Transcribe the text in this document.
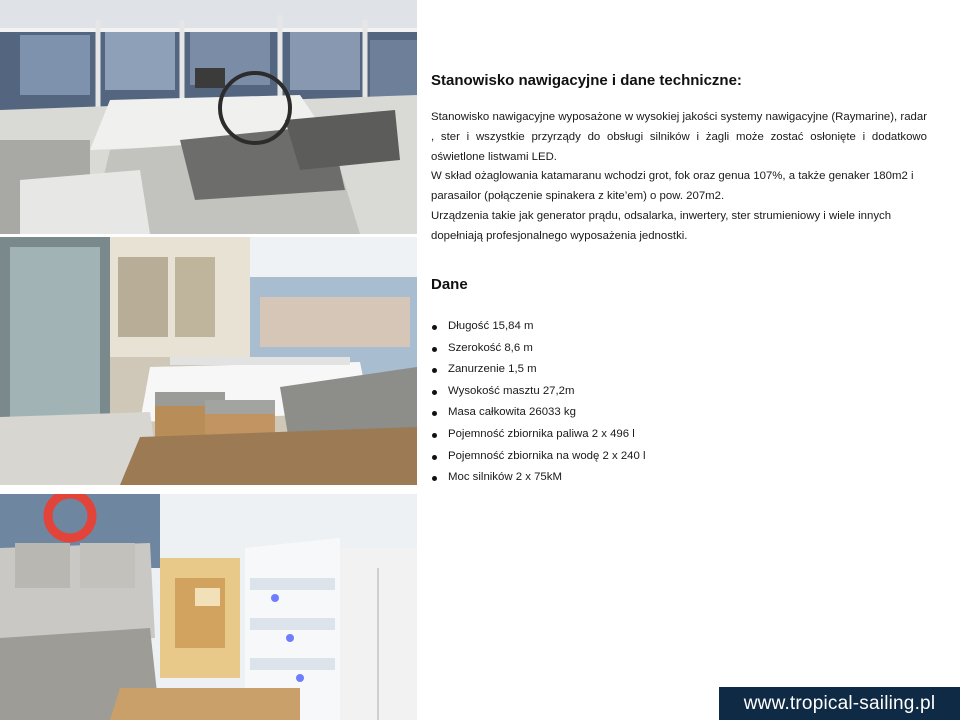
Stanowisko nawigacyjne i dane techniczne:

Stanowisko nawigacyjne wyposażone w wysokiej jakości systemy nawigacyjne (Raymarine), radar , ster i wszystkie przyrządy do obsługi silników i żagli może zostać osłonięte i dodatkowo oświetlone listwami LED.

W skład ożaglowania katamaranu wchodzi grot, fok oraz genua 107%, a także genaker 180m2 i parasailor (połączenie spinakera z kite’em) o pow. 207m2.

Urządzenia takie jak generator prądu, odsalarka, inwertery, ster strumieniowy i wiele innych dopełniają profesjonalnego wyposażenia jednostki.

Dane
Długość 15,84 m
Szerokość 8,6 m
Zanurzenie 1,5 m
Wysokość masztu 27,2m
Masa całkowita 26033 kg
Pojemność zbiornika paliwa 2 x 496 l
Pojemność zbiornika na wodę 2 x 240 l
Moc silników 2 x 75kM
www.tropical-sailing.pl
